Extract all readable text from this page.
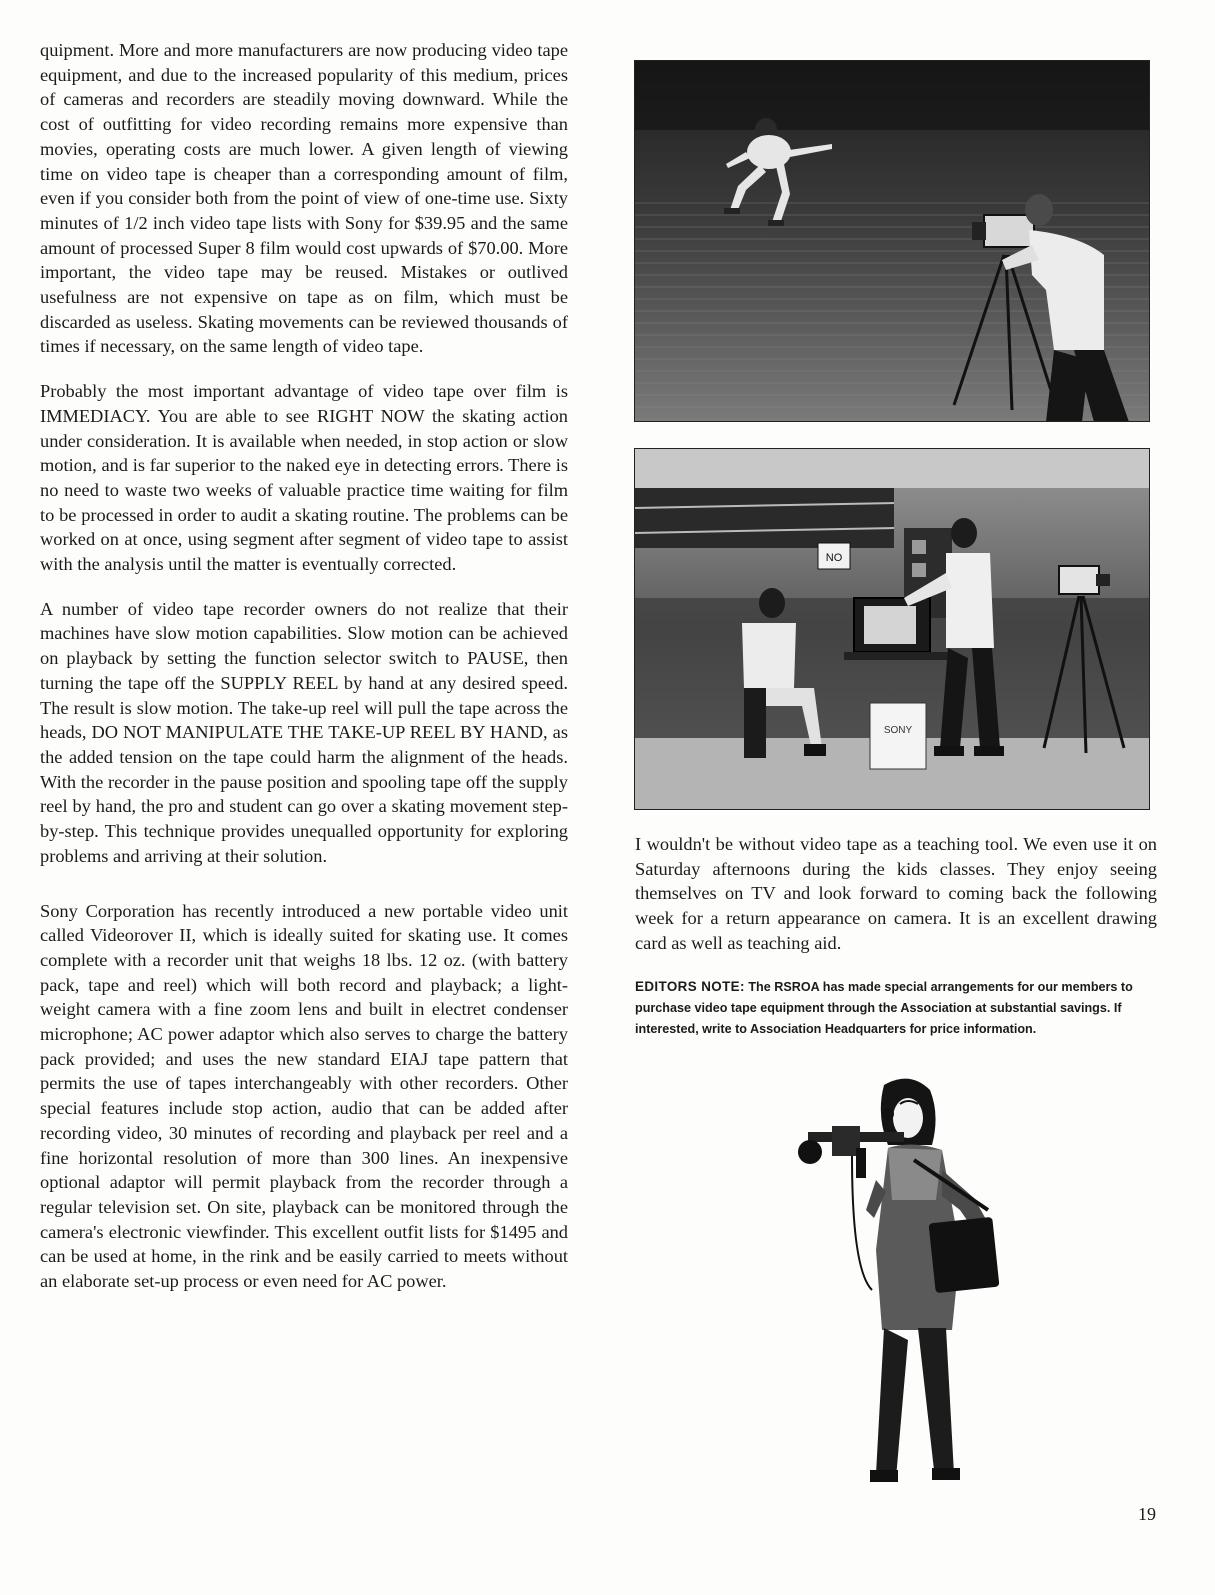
quipment. More and more manufacturers are now producing video tape equipment, and due to the increased popularity of this medium, prices of cameras and recorders are steadily moving downward. While the cost of outfitting for video recording remains more expensive than movies, operating costs are much lower. A given length of viewing time on video tape is cheaper than a corresponding amount of film, even if you consider both from the point of view of one-time use. Sixty minutes of 1/2 inch video tape lists with Sony for $39.95 and the same amount of processed Super 8 film would cost upwards of $70.00. More important, the video tape may be reused. Mistakes or outlived usefulness are not expensive on tape as on film, which must be discarded as useless. Skating movements can be reviewed thousands of times if necessary, on the same length of video tape.

Probably the most important advantage of video tape over film is IMMEDIACY. You are able to see RIGHT NOW the skating action under consideration. It is available when needed, in stop action or slow motion, and is far superior to the naked eye in detecting errors. There is no need to waste two weeks of valuable practice time waiting for film to be processed in order to audit a skating routine. The problems can be worked on at once, using segment after segment of video tape to assist with the analysis until the matter is eventually corrected.

A number of video tape recorder owners do not realize that their machines have slow motion capabilities. Slow motion can be achieved on playback by setting the function selector switch to PAUSE, then turning the tape off the SUPPLY REEL by hand at any desired speed. The result is slow motion. The take-up reel will pull the tape across the heads, DO NOT MANIPULATE THE TAKE-UP REEL BY HAND, as the added tension on the tape could harm the alignment of the heads. With the recorder in the pause position and spooling tape off the supply reel by hand, the pro and student can go over a skating movement step-by-step. This technique provides unequalled opportunity for exploring problems and arriving at their solution.

Sony Corporation has recently introduced a new portable video unit called Videorover II, which is ideally suited for skating use. It comes complete with a recorder unit that weighs 18 lbs. 12 oz. (with battery pack, tape and reel) which will both record and playback; a light-weight camera with a fine zoom lens and built in electret condenser microphone; AC power adaptor which also serves to charge the battery pack provided; and uses the new standard EIAJ tape pattern that permits the use of tapes interchangeably with other recorders. Other special features include stop action, audio that can be added after recording video, 30 minutes of recording and playback per reel and a fine horizontal resolution of more than 300 lines. An inexpensive optional adaptor will permit playback from the recorder through a regular television set. On site, playback can be monitored through the camera's electronic viewfinder. This excellent outfit lists for $1495 and can be used at home, in the rink and be easily carried to meets without an elaborate set-up process or even need for AC power.

NO
SONY

I wouldn't be without video tape as a teaching tool. We even use it on Saturday afternoons during the kids classes. They enjoy seeing themselves on TV and look forward to coming back the following week for a return appearance on camera. It is an excellent drawing card as well as teaching aid.

EDITORS NOTE: The RSROA has made special arrangements for our members to purchase video tape equipment through the Association at substantial savings. If interested, write to Association Headquarters for price information.

19
